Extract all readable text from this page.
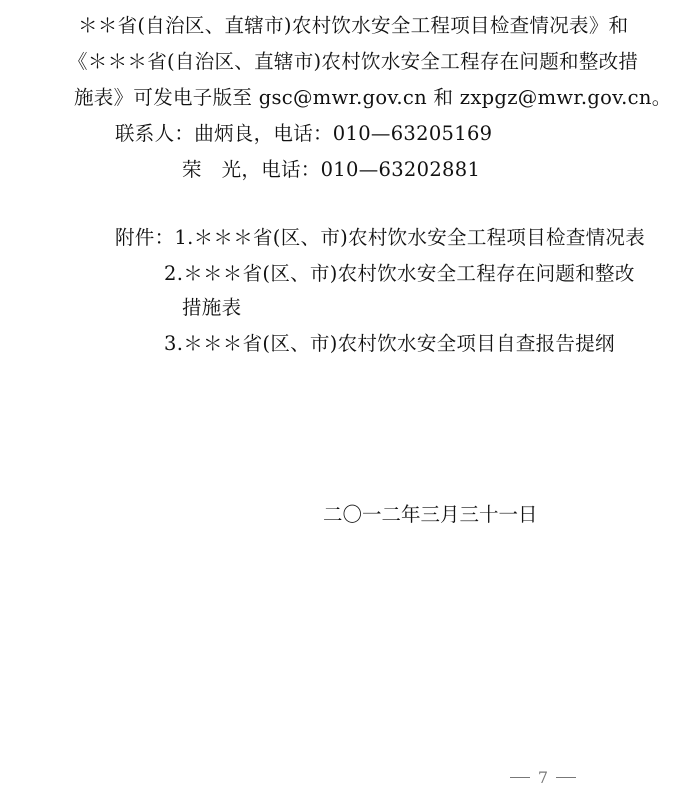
＊＊省(自治区、直辖市)农村饮水安全工程项目检查情况表》和
《＊＊＊省(自治区、直辖市)农村饮水安全工程存在问题和整改措
施表》可发电子版至 gsc@mwr.gov.cn 和 zxpgz@mwr.gov.cn。
联系人：曲炳良，电话：010—63205169
荣　光，电话：010—63202881
附件：1.＊＊＊省(区、市)农村饮水安全工程项目检查情况表
2.＊＊＊省(区、市)农村饮水安全工程存在问题和整改
措施表
3.＊＊＊省(区、市)农村饮水安全项目自查报告提纲
二〇一二年三月三十一日
7
